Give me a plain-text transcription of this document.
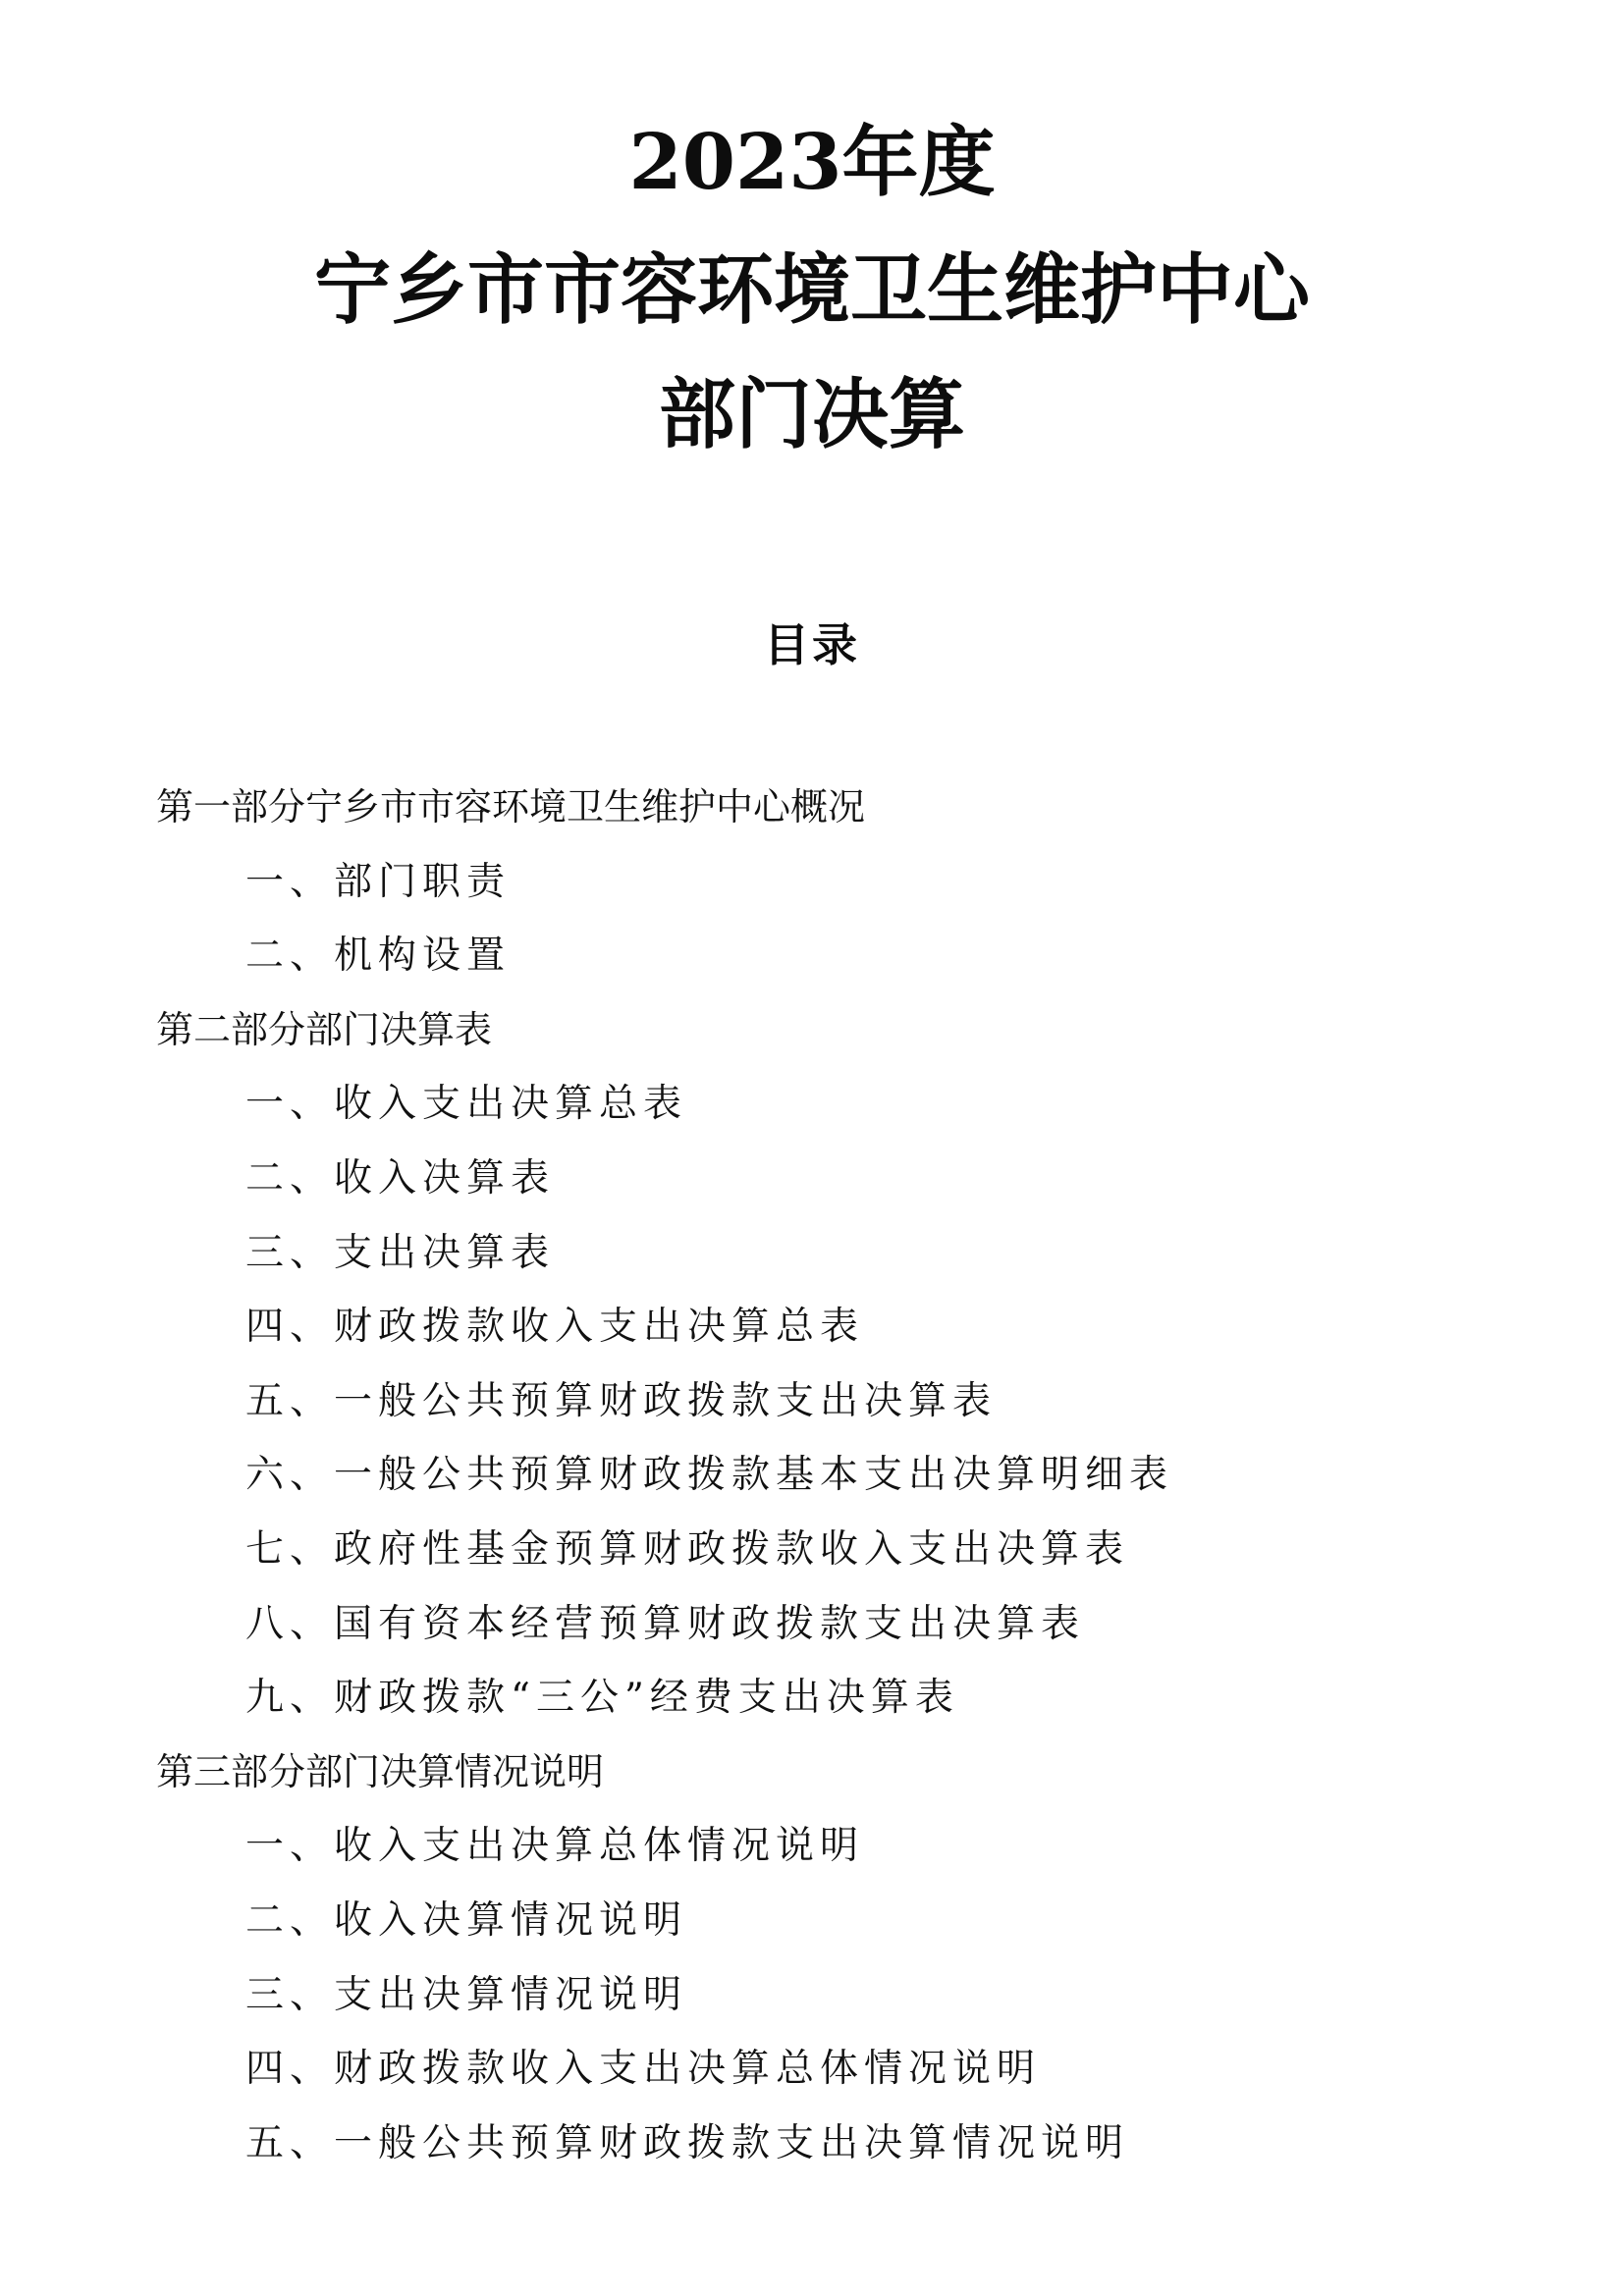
2023年度
宁乡市市容环境卫生维护中心
部门决算
目录
第一部分宁乡市市容环境卫生维护中心概况
一、部门职责
二、机构设置
第二部分部门决算表
一、收入支出决算总表
二、收入决算表
三、支出决算表
四、财政拨款收入支出决算总表
五、一般公共预算财政拨款支出决算表
六、一般公共预算财政拨款基本支出决算明细表
七、政府性基金预算财政拨款收入支出决算表
八、国有资本经营预算财政拨款支出决算表
九、财政拨款“三公”经费支出决算表
第三部分部门决算情况说明
一、收入支出决算总体情况说明
二、收入决算情况说明
三、支出决算情况说明
四、财政拨款收入支出决算总体情况说明
五、一般公共预算财政拨款支出决算情况说明
